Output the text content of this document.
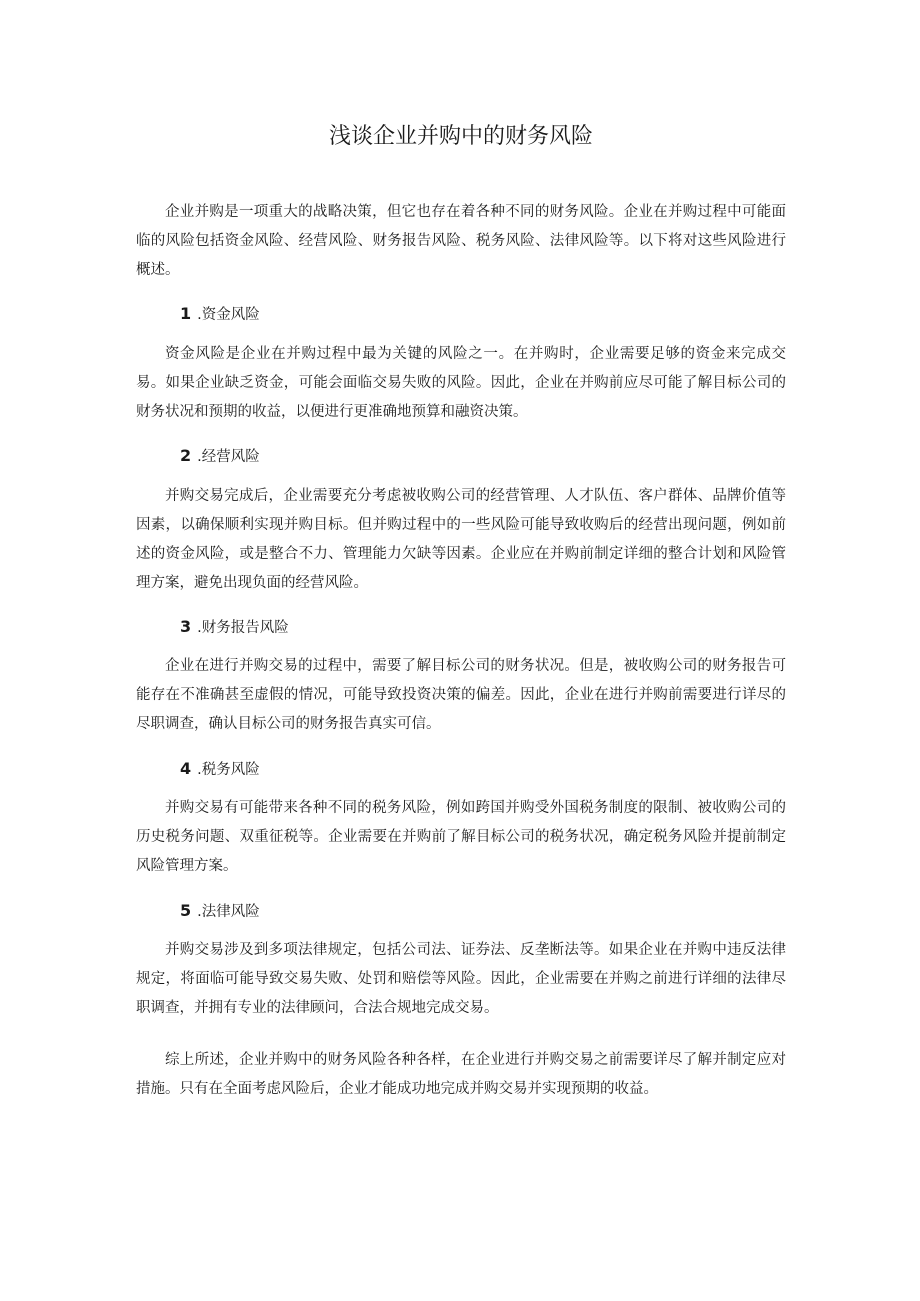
浅谈企业并购中的财务风险

企业并购是一项重大的战略决策，但它也存在着各种不同的财务风险。企业在并购过程中可能面临的风险包括资金风险、经营风险、财务报告风险、税务风险、法律风险等。以下将对这些风险进行概述。

1 .资金风险

资金风险是企业在并购过程中最为关键的风险之一。在并购时，企业需要足够的资金来完成交易。如果企业缺乏资金，可能会面临交易失败的风险。因此，企业在并购前应尽可能了解目标公司的财务状况和预期的收益，以便进行更准确地预算和融资决策。

2 .经营风险

并购交易完成后，企业需要充分考虑被收购公司的经营管理、人才队伍、客户群体、品牌价值等因素，以确保顺利实现并购目标。但并购过程中的一些风险可能导致收购后的经营出现问题，例如前述的资金风险，或是整合不力、管理能力欠缺等因素。企业应在并购前制定详细的整合计划和风险管理方案，避免出现负面的经营风险。

3 .财务报告风险

企业在进行并购交易的过程中，需要了解目标公司的财务状况。但是，被收购公司的财务报告可能存在不准确甚至虚假的情况，可能导致投资决策的偏差。因此，企业在进行并购前需要进行详尽的尽职调查，确认目标公司的财务报告真实可信。

4 .税务风险

并购交易有可能带来各种不同的税务风险，例如跨国并购受外国税务制度的限制、被收购公司的历史税务问题、双重征税等。企业需要在并购前了解目标公司的税务状况，确定税务风险并提前制定风险管理方案。

5 .法律风险

并购交易涉及到多项法律规定，包括公司法、证券法、反垄断法等。如果企业在并购中违反法律规定，将面临可能导致交易失败、处罚和赔偿等风险。因此，企业需要在并购之前进行详细的法律尽职调查，并拥有专业的法律顾问，合法合规地完成交易。

综上所述，企业并购中的财务风险各种各样，在企业进行并购交易之前需要详尽了解并制定应对措施。只有在全面考虑风险后，企业才能成功地完成并购交易并实现预期的收益。
